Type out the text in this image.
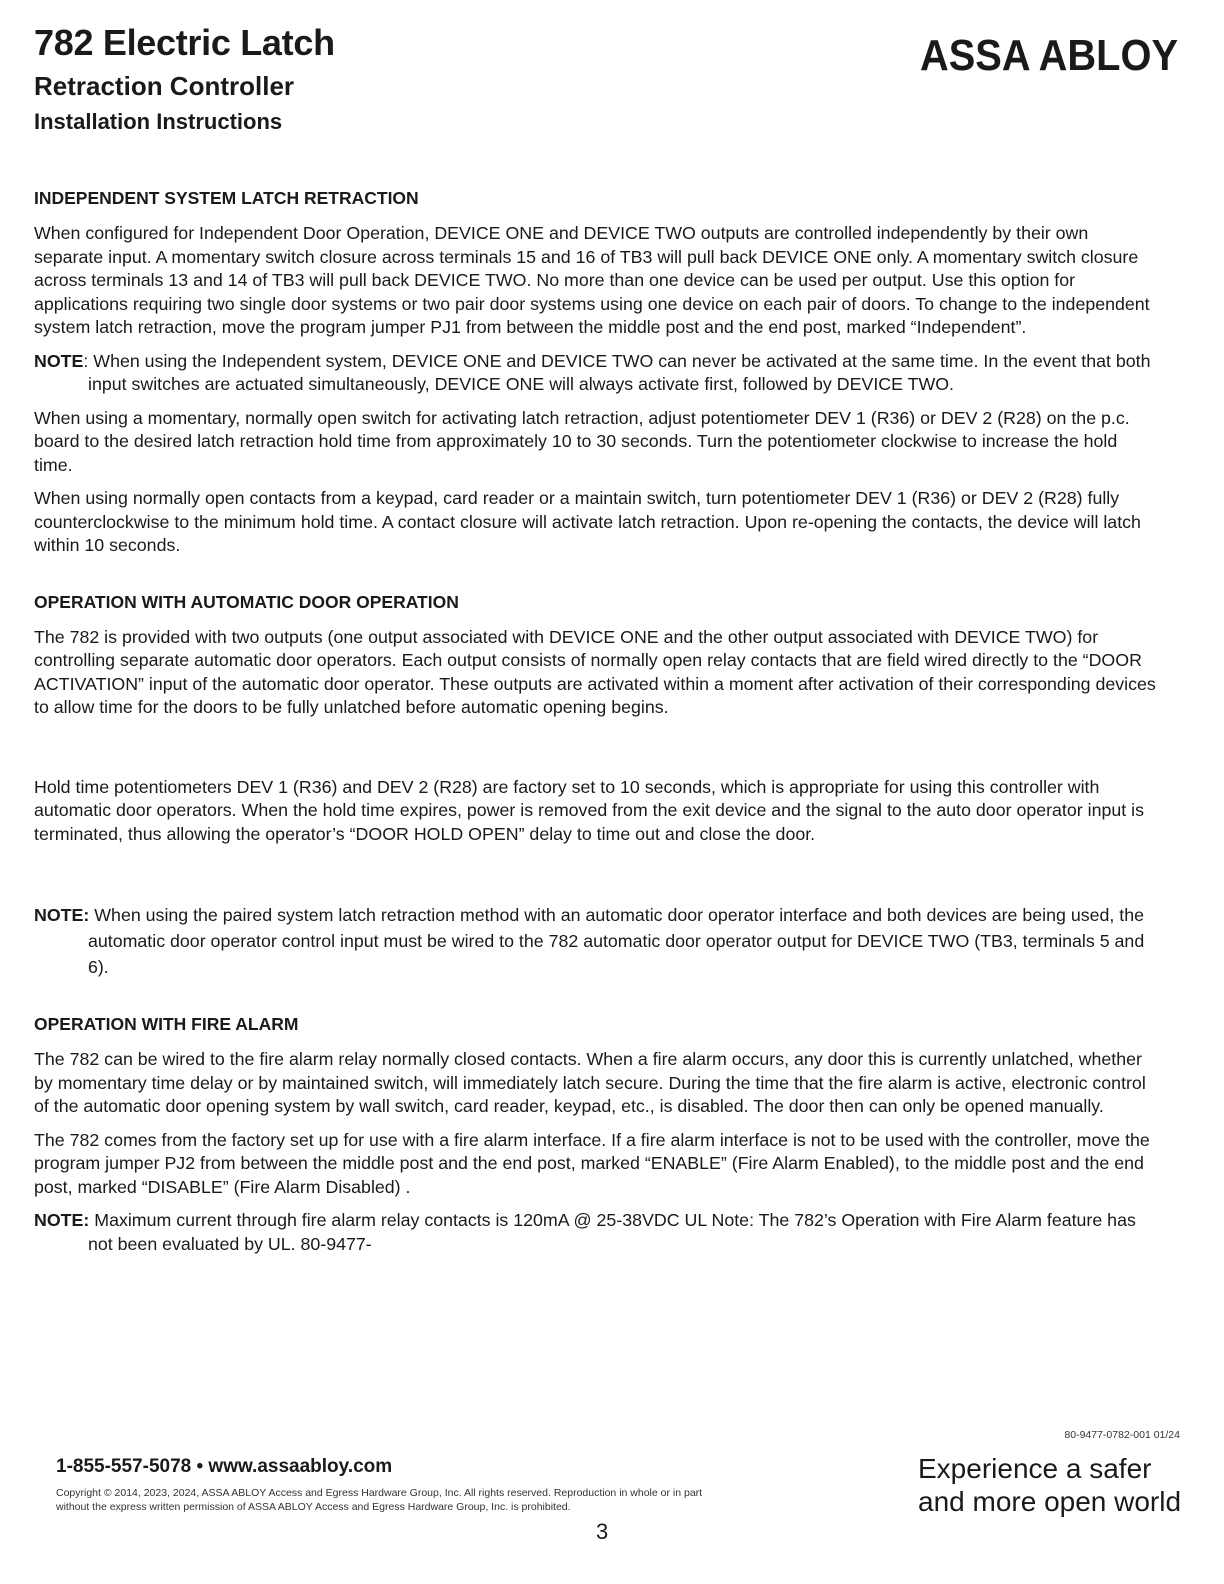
782 Electric Latch
Retraction Controller
Installation Instructions
ASSA ABLOY
INDEPENDENT SYSTEM LATCH RETRACTION

When configured for Independent Door Operation, DEVICE ONE and DEVICE TWO outputs are controlled independently by their own separate input. A momentary switch closure across terminals 15 and 16 of TB3 will pull back DEVICE ONE only. A momentary switch closure across terminals 13 and 14 of TB3 will pull back DEVICE TWO. No more than one device can be used per output. Use this option for applications requiring two single door systems or two pair door systems using one device on each pair of doors. To change to the independent system latch retraction, move the program jumper PJ1 from between the middle post and the end post, marked “Independent”.

NOTE: When using the Independent system, DEVICE ONE and DEVICE TWO can never be activated at the same time. In the event that both input switches are actuated simultaneously, DEVICE ONE will always activate first, followed by DEVICE TWO.

When using a momentary, normally open switch for activating latch retraction, adjust potentiometer DEV 1 (R36) or DEV 2 (R28) on the p.c. board to the desired latch retraction hold time from approximately 10 to 30 seconds. Turn the potentiometer clockwise to increase the hold time.

When using normally open contacts from a keypad, card reader or a maintain switch, turn potentiometer DEV 1 (R36) or DEV 2 (R28) fully counterclockwise to the minimum hold time. A contact closure will activate latch retraction. Upon re-opening the contacts, the device will latch within 10 seconds.

OPERATION WITH AUTOMATIC DOOR OPERATION

The 782 is provided with two outputs (one output associated with DEVICE ONE and the other output associated with DEVICE TWO) for controlling separate automatic door operators. Each output consists of normally open relay contacts that are field wired directly to the “DOOR ACTIVATION” input of the automatic door operator. These outputs are activated within a moment after activation of their corresponding devices to allow time for the doors to be fully unlatched before automatic opening begins.

Hold time potentiometers DEV 1 (R36) and DEV 2 (R28) are factory set to 10 seconds, which is appropriate for using this controller with automatic door operators. When the hold time expires, power is removed from the exit device and the signal to the auto door operator input is terminated, thus allowing the operator’s “DOOR HOLD OPEN” delay to time out and close the door.

NOTE: When using the paired system latch retraction method with an automatic door operator interface and both devices are being used, the automatic door operator control input must be wired to the 782 automatic door operator output for DEVICE TWO (TB3, terminals 5 and 6).

OPERATION WITH FIRE ALARM

The 782 can be wired to the fire alarm relay normally closed contacts. When a fire alarm occurs, any door this is currently unlatched, whether by momentary time delay or by maintained switch, will immediately latch secure. During the time that the fire alarm is active, electronic control of the automatic door opening system by wall switch, card reader, keypad, etc., is disabled. The door then can only be opened manually.

The 782 comes from the factory set up for use with a fire alarm interface. If a fire alarm interface is not to be used with the controller, move the program jumper PJ2 from between the middle post and the end post, marked “ENABLE” (Fire Alarm Enabled), to the middle post and the end post, marked “DISABLE” (Fire Alarm Disabled) .

NOTE: Maximum current through fire alarm relay contacts is 120mA @ 25-38VDC UL Note: The 782’s Operation with Fire Alarm feature has not been evaluated by UL. 80-9477-

80-9477-0782-001 01/24
1-855-557-5078 • www.assaabloy.com
Copyright © 2014, 2023, 2024, ASSA ABLOY Access and Egress Hardware Group, Inc. All rights reserved. Reproduction in whole or in part without the express written permission of ASSA ABLOY Access and Egress Hardware Group, Inc. is prohibited.
Experience a safer
and more open world
3
